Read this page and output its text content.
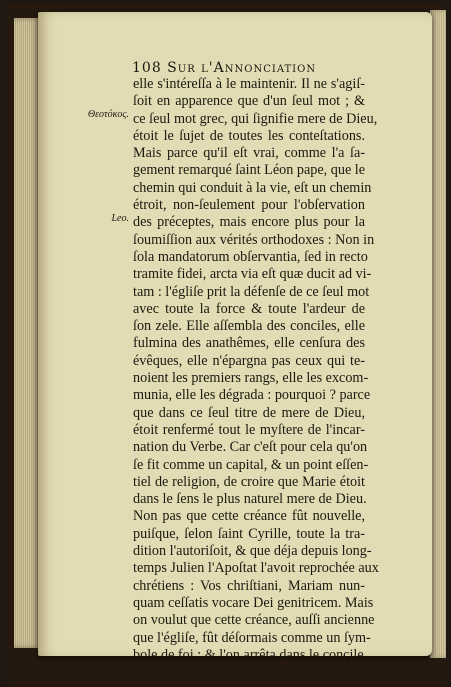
108 Sur l'Annonciation
Θεοτόκος.
Leo.
elle s'intéreſſa à le maintenir. Il ne s'agiſ-
ſoit en apparence que d'un ſeul mot ; &
ce ſeul mot grec, qui ſignifie mere de Dieu,
étoit le ſujet de toutes les conteſtations.
Mais parce qu'il eſt vrai, comme l'a ſa-
gement remarqué ſaint Léon pape, que le
chemin qui conduit à la vie, eſt un chemin
étroit, non-ſeulement pour l'obſervation
des préceptes, mais encore plus pour la
ſoumiſſion aux vérités orthodoxes : Non in
ſola mandatorum obſervantia, ſed in recto
tramite fidei, arcta via eſt quæ ducit ad vi-
tam : l'égliſe prit la défenſe de ce ſeul mot
avec toute la force & toute l'ardeur de
ſon zele. Elle aſſembla des conciles, elle
fulmina des anathêmes, elle cenſura des
évêques, elle n'épargna pas ceux qui te-
noient les premiers rangs, elle les excom-
munia, elle les dégrada : pourquoi ? parce
que dans ce ſeul titre de mere de Dieu,
étoit renfermé tout le myſtere de l'incar-
nation du Verbe. Car c'eſt pour cela qu'on
ſe fit comme un capital, & un point eſſen-
tiel de religion, de croire que Marie étoit
dans le ſens le plus naturel mere de Dieu.
Non pas que cette créance fût nouvelle,
puiſque, ſelon ſaint Cyrille, toute la tra-
dition l'autoriſoit, & que déja depuis long-
temps Julien l'Apoſtat l'avoit reprochée aux
chrétiens : Vos chriſtiani, Mariam nun-
quam ceſſatis vocare Dei genitricem. Mais
on voulut que cette créance, auſſi ancienne
que l'égliſe, fût déſormais comme un ſym-
bole de foi ; & l'on arrêta dans le concile
